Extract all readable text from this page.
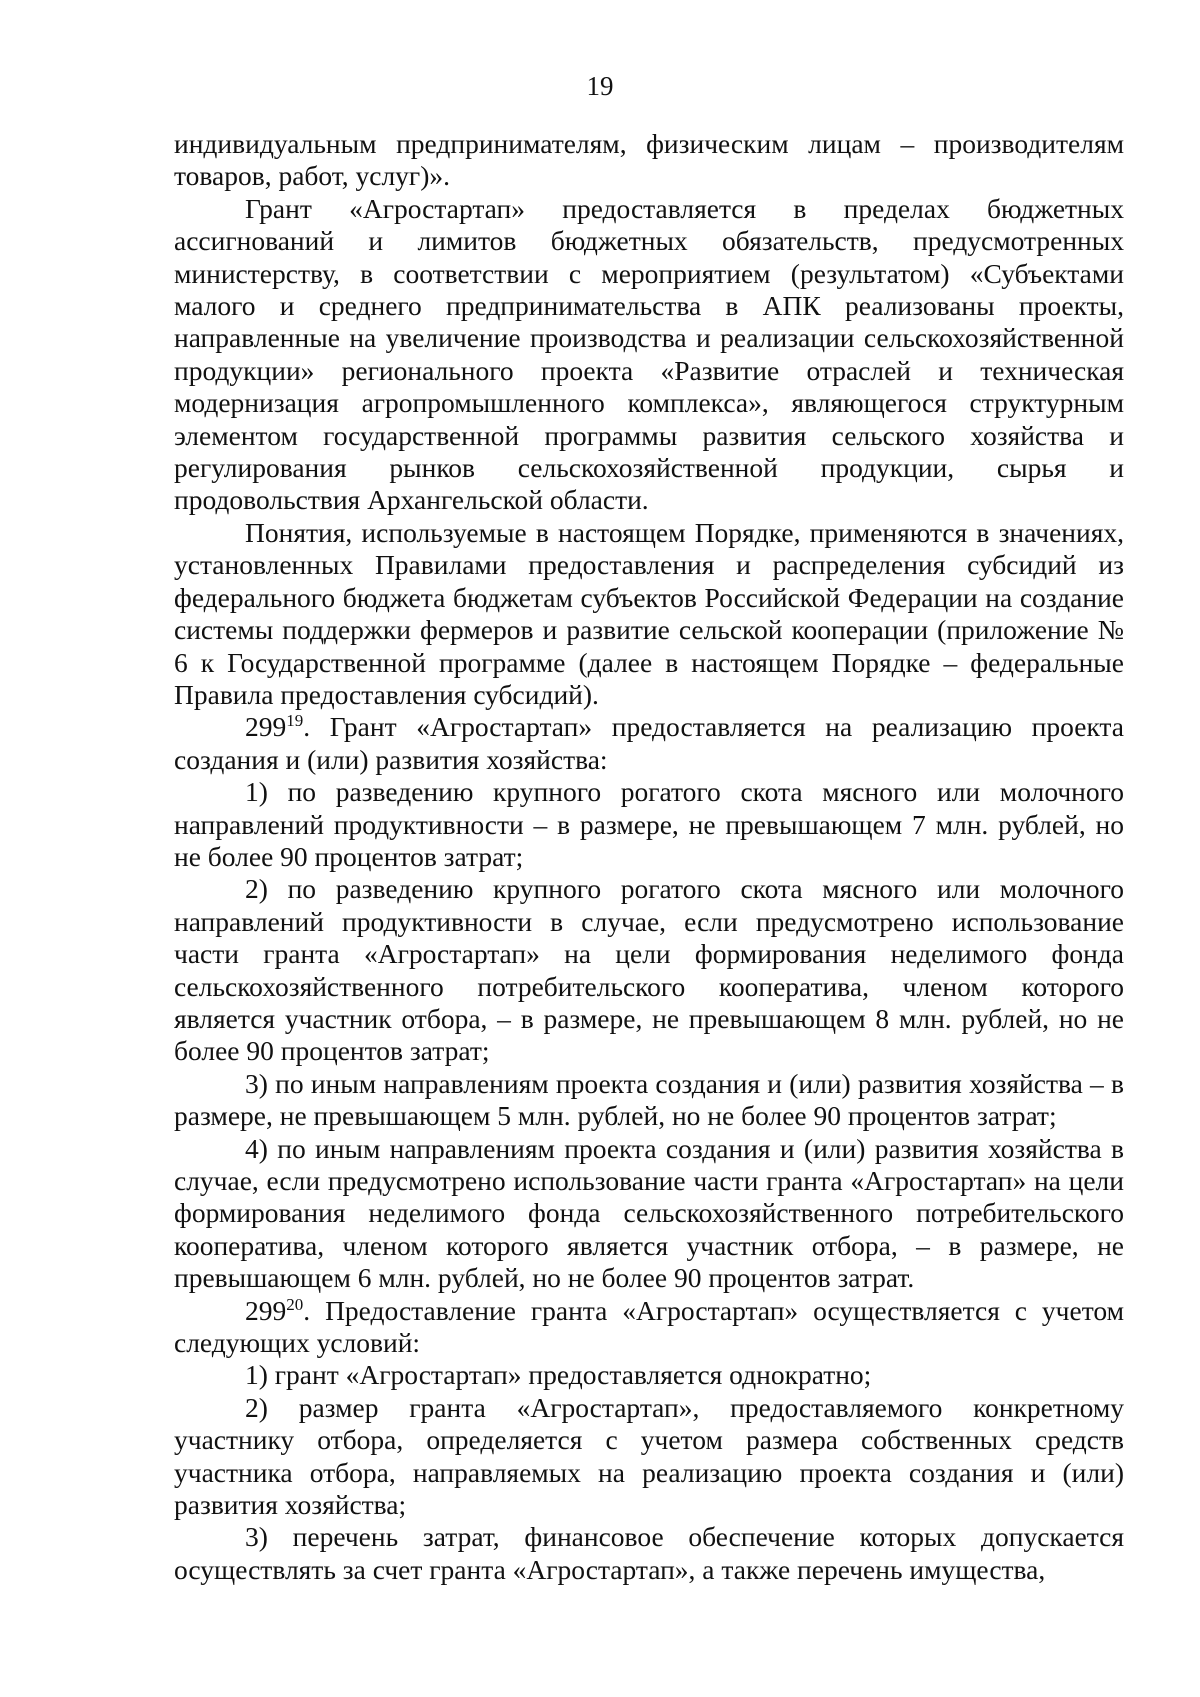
19

индивидуальным предпринимателям, физическим лицам – производителям товаров, работ, услуг)».

Грант «Агростартап» предоставляется в пределах бюджетных ассигнований и лимитов бюджетных обязательств, предусмотренных министерству, в соответствии с мероприятием (результатом) «Субъектами малого и среднего предпринимательства в АПК реализованы проекты, направленные на увеличение производства и реализации сельскохозяйственной продукции» регионального проекта «Развитие отраслей и техническая модернизация агропромышленного комплекса», являющегося структурным элементом государственной программы развития сельского хозяйства и регулирования рынков сельскохозяйственной продукции, сырья и продовольствия Архангельской области.

Понятия, используемые в настоящем Порядке, применяются в значениях, установленных Правилами предоставления и распределения субсидий из федерального бюджета бюджетам субъектов Российской Федерации на создание системы поддержки фермеров и развитие сельской кооперации (приложение № 6 к Государственной программе (далее в настоящем Порядке – федеральные Правила предоставления субсидий).

$299^{19}$. Грант «Агростартап» предоставляется на реализацию проекта создания и (или) развития хозяйства:

1) по разведению крупного рогатого скота мясного или молочного направлений продуктивности – в размере, не превышающем 7 млн. рублей, но не более 90 процентов затрат;

2) по разведению крупного рогатого скота мясного или молочного направлений продуктивности в случае, если предусмотрено использование части гранта «Агростартап» на цели формирования неделимого фонда сельскохозяйственного потребительского кооператива, членом которого является участник отбора, – в размере, не превышающем 8 млн. рублей, но не более 90 процентов затрат;

3) по иным направлениям проекта создания и (или) развития хозяйства – в размере, не превышающем 5 млн. рублей, но не более 90 процентов затрат;

4) по иным направлениям проекта создания и (или) развития хозяйства в случае, если предусмотрено использование части гранта «Агростартап» на цели формирования неделимого фонда сельскохозяйственного потребительского кооператива, членом которого является участник отбора, – в размере, не превышающем 6 млн. рублей, но не более 90 процентов затрат.

$299^{20}$. Предоставление гранта «Агростартап» осуществляется с учетом следующих условий:

1) грант «Агростартап» предоставляется однократно;

2) размер гранта «Агростартап», предоставляемого конкретному участнику отбора, определяется с учетом размера собственных средств участника отбора, направляемых на реализацию проекта создания и (или) развития хозяйства;

3) перечень затрат, финансовое обеспечение которых допускается осуществлять за счет гранта «Агростартап», а также перечень имущества,
